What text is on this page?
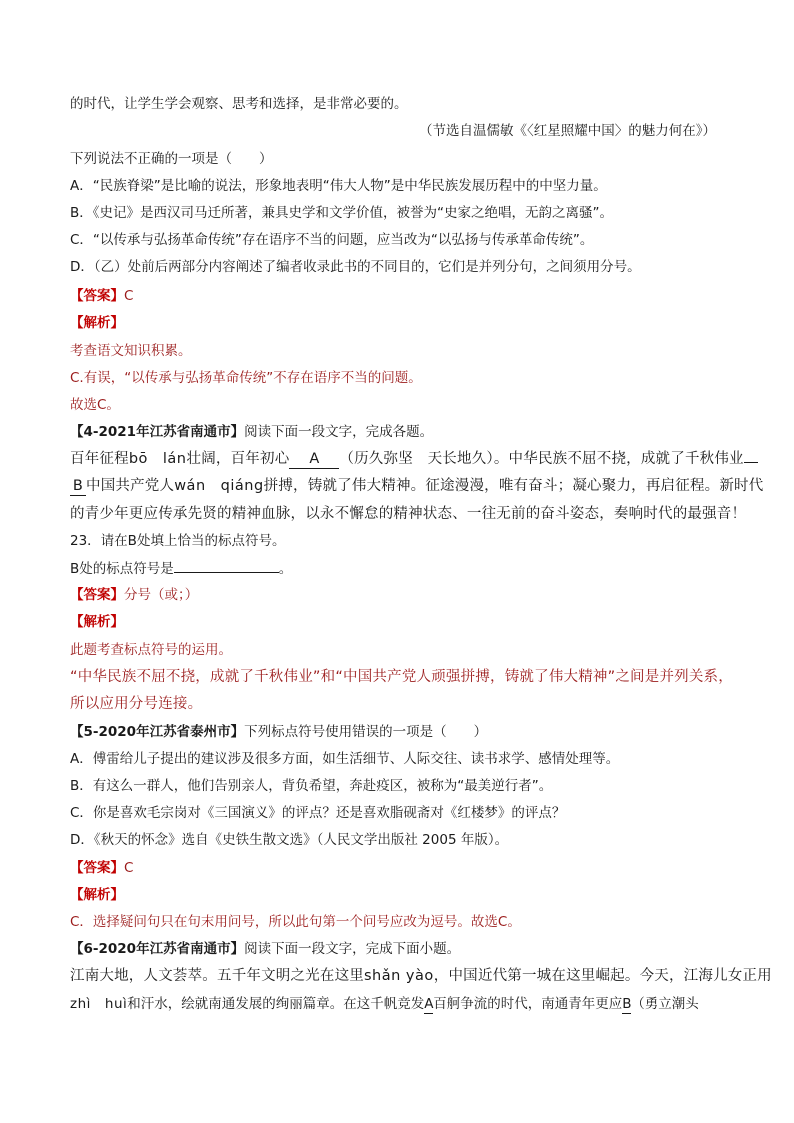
的时代，让学生学会观察、思考和选择，是非常必要的。
（节选自温儒敏《〈红星照耀中国〉的魅力何在》）
下列说法不正确的一项是（　　）
A．“民族脊梁”是比喻的说法，形象地表明“伟大人物”是中华民族发展历程中的中坚力量。
B．《史记》是西汉司马迁所著，兼具史学和文学价值，被誉为“史家之绝唱，无韵之离骚”。
C．“以传承与弘扬革命传统”存在语序不当的问题，应当改为“以弘扬与传承革命传统”。
D．（乙）处前后两部分内容阐述了编者收录此书的不同目的，它们是并列分句，之间须用分号。
【答案】C
【解析】
考查语文知识积累。
C.有误，“以传承与弘扬革命传统”不存在语序不当的问题。
故选C。
【4-2021年江苏省南通市】阅读下面一段文字，完成各题。
百年征程bō　lán壮阔，百年初心 A （历久弥坚　天长地久）。中华民族不屈不挠，成就了千秋伟业
B 中国共产党人wán　qiáng拼搏，铸就了伟大精神。征途漫漫，唯有奋斗；凝心聚力，再启征程。新时代
的青少年更应传承先贤的精神血脉，以永不懈怠的精神状态、一往无前的奋斗姿态，奏响时代的最强音！
23．请在B处填上恰当的标点符号。
B处的标点符号是	。
【答案】分号（或；）
【解析】
此题考查标点符号的运用。
“中华民族不屈不挠，成就了千秋伟业”和“中国共产党人顽强拼搏，铸就了伟大精神”之间是并列关系，
所以应用分号连接。
【5-2020年江苏省泰州市】下列标点符号使用错误的一项是（　　）
A．傅雷给儿子提出的建议涉及很多方面，如生活细节、人际交往、读书求学、感情处理等。
B．有这么一群人，他们告别亲人，背负希望，奔赴疫区，被称为“最美逆行者”。
C．你是喜欢毛宗岗对《三国演义》的评点？还是喜欢脂砚斋对《红楼梦》的评点？
D．《秋天的怀念》选自《史铁生散文选》（人民文学出版社 2005 年版）。
【答案】C
【解析】
C．选择疑问句只在句末用问号，所以此句第一个问号应改为逗号。故选C。
【6-2020年江苏省南通市】阅读下面一段文字，完成下面小题。
江南大地，人文荟萃。五千年文明之光在这里shǎn yào，中国近代第一城在这里崛起。今天，江海儿女正用
zhì　huì和汗水，绘就南通发展的绚丽篇章。在这千帆竞发A百舸争流的时代，南通青年更应B（勇立潮头
